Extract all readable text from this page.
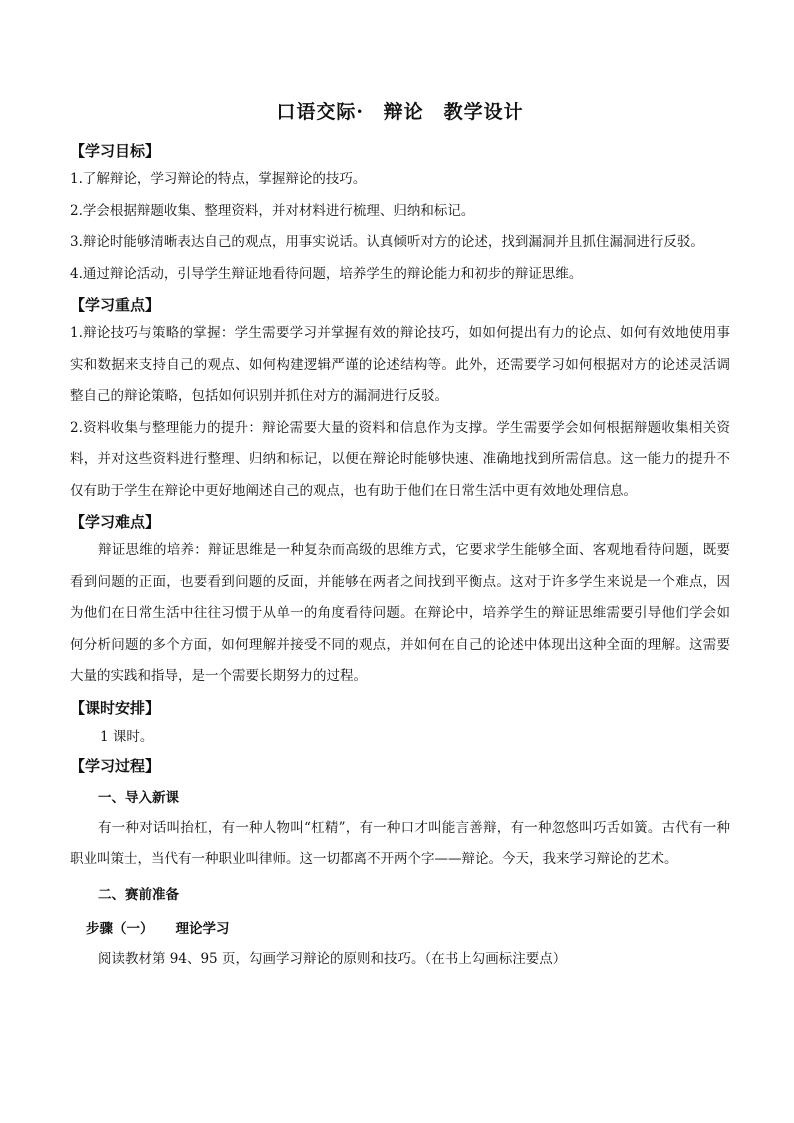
口语交际· 辩论　教学设计
【学习目标】

1.了解辩论，学习辩论的特点，掌握辩论的技巧。

2.学会根据辩题收集、整理资料，并对材料进行梳理、归纳和标记。

3.辩论时能够清晰表达自己的观点，用事实说话。认真倾听对方的论述，找到漏洞并且抓住漏洞进行反驳。

4.通过辩论活动，引导学生辩证地看待问题，培养学生的辩论能力和初步的辩证思维。

【学习重点】

1.辩论技巧与策略的掌握：学生需要学习并掌握有效的辩论技巧，如如何提出有力的论点、如何有效地使用事实和数据来支持自己的观点、如何构建逻辑严谨的论述结构等。此外，还需要学习如何根据对方的论述灵活调整自己的辩论策略，包括如何识别并抓住对方的漏洞进行反驳。

2.资料收集与整理能力的提升：辩论需要大量的资料和信息作为支撑。学生需要学会如何根据辩题收集相关资料，并对这些资料进行整理、归纳和标记，以便在辩论时能够快速、准确地找到所需信息。这一能力的提升不仅有助于学生在辩论中更好地阐述自己的观点，也有助于他们在日常生活中更有效地处理信息。

【学习难点】

辩证思维的培养：辩证思维是一种复杂而高级的思维方式，它要求学生能够全面、客观地看待问题，既要看到问题的正面，也要看到问题的反面，并能够在两者之间找到平衡点。这对于许多学生来说是一个难点，因为他们在日常生活中往往习惯于从单一的角度看待问题。在辩论中，培养学生的辩证思维需要引导他们学会如何分析问题的多个方面，如何理解并接受不同的观点，并如何在自己的论述中体现出这种全面的理解。这需要大量的实践和指导，是一个需要长期努力的过程。

【课时安排】

1 课时。

【学习过程】
一、导入新课

有一种对话叫抬杠，有一种人物叫“杠精”，有一种口才叫能言善辩，有一种忽悠叫巧舌如簧。古代有一种职业叫策士，当代有一种职业叫律师。这一切都离不开两个字——辩论。今天，我来学习辩论的艺术。

二、赛前准备
步骤（一） 理论学习

阅读教材第 94、95 页，勾画学习辩论的原则和技巧。（在书上勾画标注要点）
